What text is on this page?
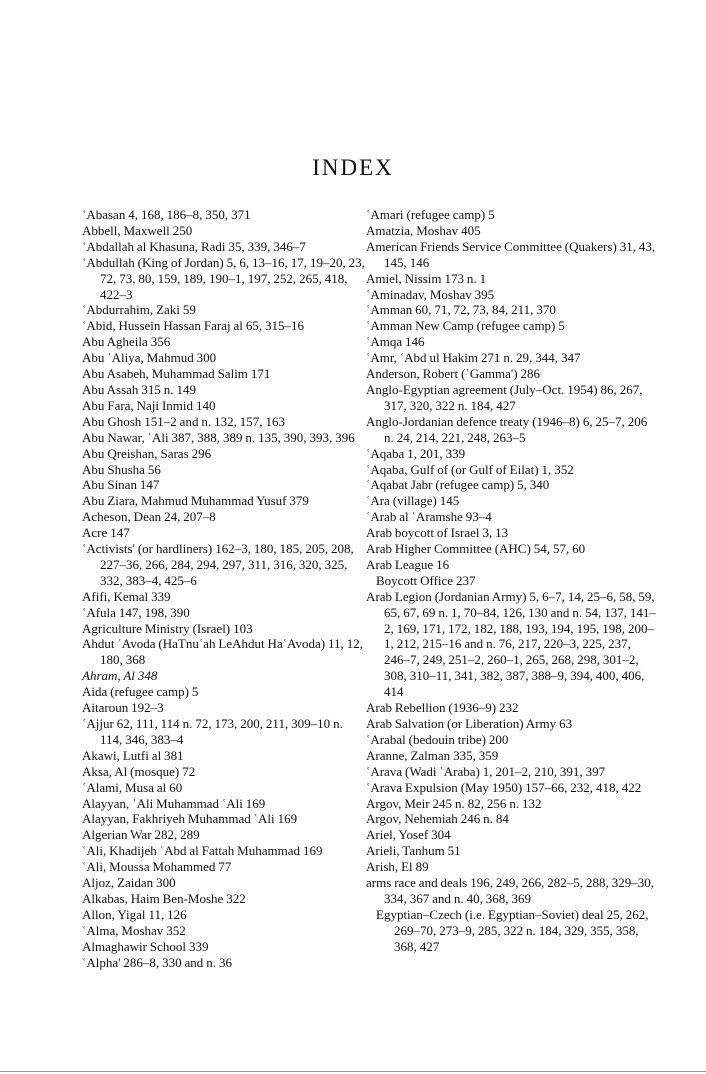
INDEX
ʿAbasan 4, 168, 186–8, 350, 371
Abbell, Maxwell 250
ʿAbdallah al Khasuna, Radi 35, 339, 346–7
ʿAbdullah (King of Jordan) 5, 6, 13–16, 17, 19–20, 23, 72, 73, 80, 159, 189, 190–1, 197, 252, 265, 418, 422–3
ʿAbdurrahim, Zaki 59
ʿAbid, Hussein Hassan Faraj al 65, 315–16
Abu Agheila 356
Abu ʿAliya, Mahmud 300
Abu Asabeh, Muhammad Salim 171
Abu Assah 315 n. 149
Abu Fara, Naji Inmid 140
Abu Ghosh 151–2 and n. 132, 157, 163
Abu Nawar, ʿAli 387, 388, 389 n. 135, 390, 393, 396
Abu Qreishan, Saras 296
Abu Shusha 56
Abu Sinan 147
Abu Ziara, Mahmud Muhammad Yusuf 379
Acheson, Dean 24, 207–8
Acre 147
ʿActivists' (or hardliners) 162–3, 180, 185, 205, 208, 227–36, 266, 284, 294, 297, 311, 316, 320, 325, 332, 383–4, 425–6
Afifi, Kemal 339
ʿAfula 147, 198, 390
Agriculture Ministry (Israel) 103
Ahdut ʿAvoda (HaTnuʿah LeAhdut HaʿAvoda) 11, 12, 180, 368
Ahram, Al 348
Aida (refugee camp) 5
Aitaroun 192–3
ʿAjjur 62, 111, 114 n. 72, 173, 200, 211, 309–10 n. 114, 346, 383–4
Akawi, Lutfi al 381
Aksa, Al (mosque) 72
ʿAlami, Musa al 60
Alayyan, ʿAli Muhammad ʿAli 169
Alayyan, Fakhriyeh Muhammad ʿAli 169
Algerian War 282, 289
ʿAli, Khadijeh ʿAbd al Fattah Muhammad 169
ʿAli, Moussa Mohammed 77
Aljoz, Zaidan 300
Alkabas, Haim Ben-Moshe 322
Allon, Yigal 11, 126
ʿAlma, Moshav 352
Almaghawir School 339
ʿAlpha' 286–8, 330 and n. 36
ʿAmari (refugee camp) 5
Amatzia, Moshav 405
American Friends Service Committee (Quakers) 31, 43, 145, 146
Amiel, Nissim 173 n. 1
ʿAminadav, Moshav 395
ʿAmman 60, 71, 72, 73, 84, 211, 370
ʿAmman New Camp (refugee camp) 5
ʿAmqa 146
ʿAmr, ʿAbd ul Hakim 271 n. 29, 344, 347
Anderson, Robert (ʿGamma') 286
Anglo-Egyptian agreement (July–Oct. 1954) 86, 267, 317, 320, 322 n. 184, 427
Anglo-Jordanian defence treaty (1946–8) 6, 25–7, 206 n. 24, 214, 221, 248, 263–5
ʿAqaba 1, 201, 339
ʿAqaba, Gulf of (or Gulf of Eilat) 1, 352
ʿAqabat Jabr (refugee camp) 5, 340
ʿAra (village) 145
ʿArab al ʿAramshe 93–4
Arab boycott of Israel 3, 13
Arab Higher Committee (AHC) 54, 57, 60
Arab League 16
Boycott Office 237
Arab Legion (Jordanian Army) 5, 6–7, 14, 25–6, 58, 59, 65, 67, 69 n. 1, 70–84, 126, 130 and n. 54, 137, 141–2, 169, 171, 172, 182, 188, 193, 194, 195, 198, 200–1, 212, 215–16 and n. 76, 217, 220–3, 225, 237, 246–7, 249, 251–2, 260–1, 265, 268, 298, 301–2, 308, 310–11, 341, 382, 387, 388–9, 394, 400, 406, 414
Arab Rebellion (1936–9) 232
Arab Salvation (or Liberation) Army 63
ʿArabal (bedouin tribe) 200
Aranne, Zalman 335, 359
ʿArava (Wadi ʿAraba) 1, 201–2, 210, 391, 397
ʿArava Expulsion (May 1950) 157–66, 232, 418, 422
Argov, Meir 245 n. 82, 256 n. 132
Argov, Nehemiah 246 n. 84
Ariel, Yosef 304
Arieli, Tanhum 51
Arish, El 89
arms race and deals 196, 249, 266, 282–5, 288, 329–30, 334, 367 and n. 40, 368, 369
Egyptian–Czech (i.e. Egyptian–Soviet) deal 25, 262, 269–70, 273–9, 285, 322 n. 184, 329, 355, 358, 368, 427
